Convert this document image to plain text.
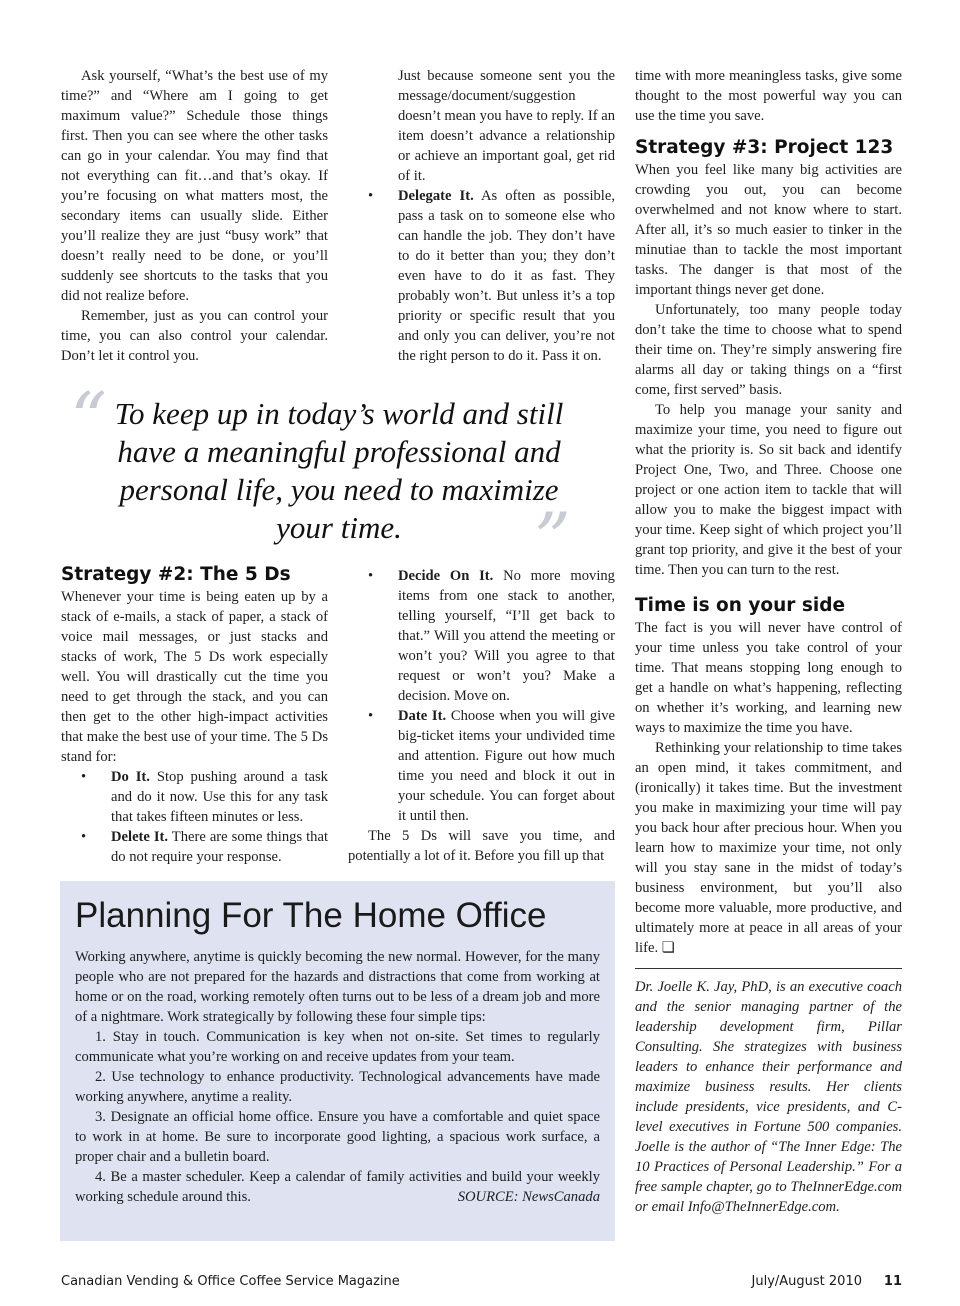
Ask yourself, “What’s the best use of my time?” and “Where am I going to get maximum value?” Schedule those things first. Then you can see where the other tasks can go in your calendar. You may find that not everything can fit…and that’s okay. If you’re focusing on what matters most, the secondary items can usually slide. Either you’ll realize they are just “busy work” that doesn’t really need to be done, or you’ll suddenly see shortcuts to the tasks that you did not realize before.

Remember, just as you can control your time, you can also control your calendar. Don’t let it control you.

Just because someone sent you the message/document/suggestion doesn’t mean you have to reply. If an item doesn’t advance a relationship or achieve an important goal, get rid of it.

• Delegate It. As often as possible, pass a task on to someone else who can handle the job. They don’t have to do it better than you; they don’t even have to do it as fast. They probably won’t. But unless it’s a top priority or specific result that you and only you can deliver, you’re not the right person to do it. Pass it on.
“ To keep up in today’s world and still have a meaningful professional and personal life, you need to maximize your time.	”
Strategy #2: The 5 Ds

Whenever your time is being eaten up by a stack of e-mails, a stack of paper, a stack of voice mail messages, or just stacks and stacks of work, The 5 Ds work especially well. You will drastically cut the time you need to get through the stack, and you can then get to the other high-impact activities that make the best use of your time. The 5 Ds stand for:

• Do It. Stop pushing around a task and do it now. Use this for any task that takes fifteen minutes or less.
• Delete It. There are some things that do not require your response.
• Decide On It. No more moving items from one stack to another, telling yourself, “I’ll get back to that.” Will you attend the meeting or won’t you? Will you agree to that request or won’t you? Make a decision. Move on.
• Date It. Choose when you will give big-ticket items your undivided time and attention. Figure out how much time you need and block it out in your schedule. You can forget about it until then.

The 5 Ds will save you time, and potentially a lot of it. Before you fill up that

Planning For The Home Office

Working anywhere, anytime is quickly becoming the new normal. However, for the many people who are not prepared for the hazards and distractions that come from working at home or on the road, working remotely often turns out to be less of a dream job and more of a nightmare. Work strategically by following these four simple tips:

1. Stay in touch. Communication is key when not on-site. Set times to regularly communicate what you’re working on and receive updates from your team.

2. Use technology to enhance productivity. Technological advancements have made working anywhere, anytime a reality.

3. Designate an official home office. Ensure you have a comfortable and quiet space to work in at home. Be sure to incorporate good lighting, a spacious work surface, a proper chair and a bulletin board.

4. Be a master scheduler. Keep a calendar of family activities and build your weekly working schedule around this.	SOURCE: NewsCanada

time with more meaningless tasks, give some thought to the most powerful way you can use the time you save.

Strategy #3: Project 123

When you feel like many big activities are crowding you out, you can become overwhelmed and not know where to start. After all, it’s so much easier to tinker in the minutiae than to tackle the most important tasks. The danger is that most of the important things never get done.

Unfortunately, too many people today don’t take the time to choose what to spend their time on. They’re simply answering fire alarms all day or taking things on a “first come, first served” basis.

To help you manage your sanity and maximize your time, you need to figure out what the priority is. So sit back and identify Project One, Two, and Three. Choose one project or one action item to tackle that will allow you to make the biggest impact with your time. Keep sight of which project you’ll grant top priority, and give it the best of your time. Then you can turn to the rest.

Time is on your side

The fact is you will never have control of your time unless you take control of your time. That means stopping long enough to get a handle on what’s happening, reflecting on whether it’s working, and learning new ways to maximize the time you have.

Rethinking your relationship to time takes an open mind, it takes commitment, and (ironically) it takes time. But the investment you make in maximizing your time will pay you back hour after precious hour. When you learn how to maximize your time, not only will you stay sane in the midst of today’s business environment, but you’ll also become more valuable, more productive, and ultimately more at peace in all areas of your life. ❏

Dr. Joelle K. Jay, PhD, is an executive coach and the senior managing partner of the leadership development firm, Pillar Consulting. She strategizes with business leaders to enhance their performance and maximize business results. Her clients include presidents, vice presidents, and C-level executives in Fortune 500 companies. Joelle is the author of “The Inner Edge: The 10 Practices of Personal Leadership.” For a free sample chapter, go to TheInnerEdge.com or email Info@TheInnerEdge.com.

Canadian Vending & Office Coffee Service Magazine	July/August 2010 11
